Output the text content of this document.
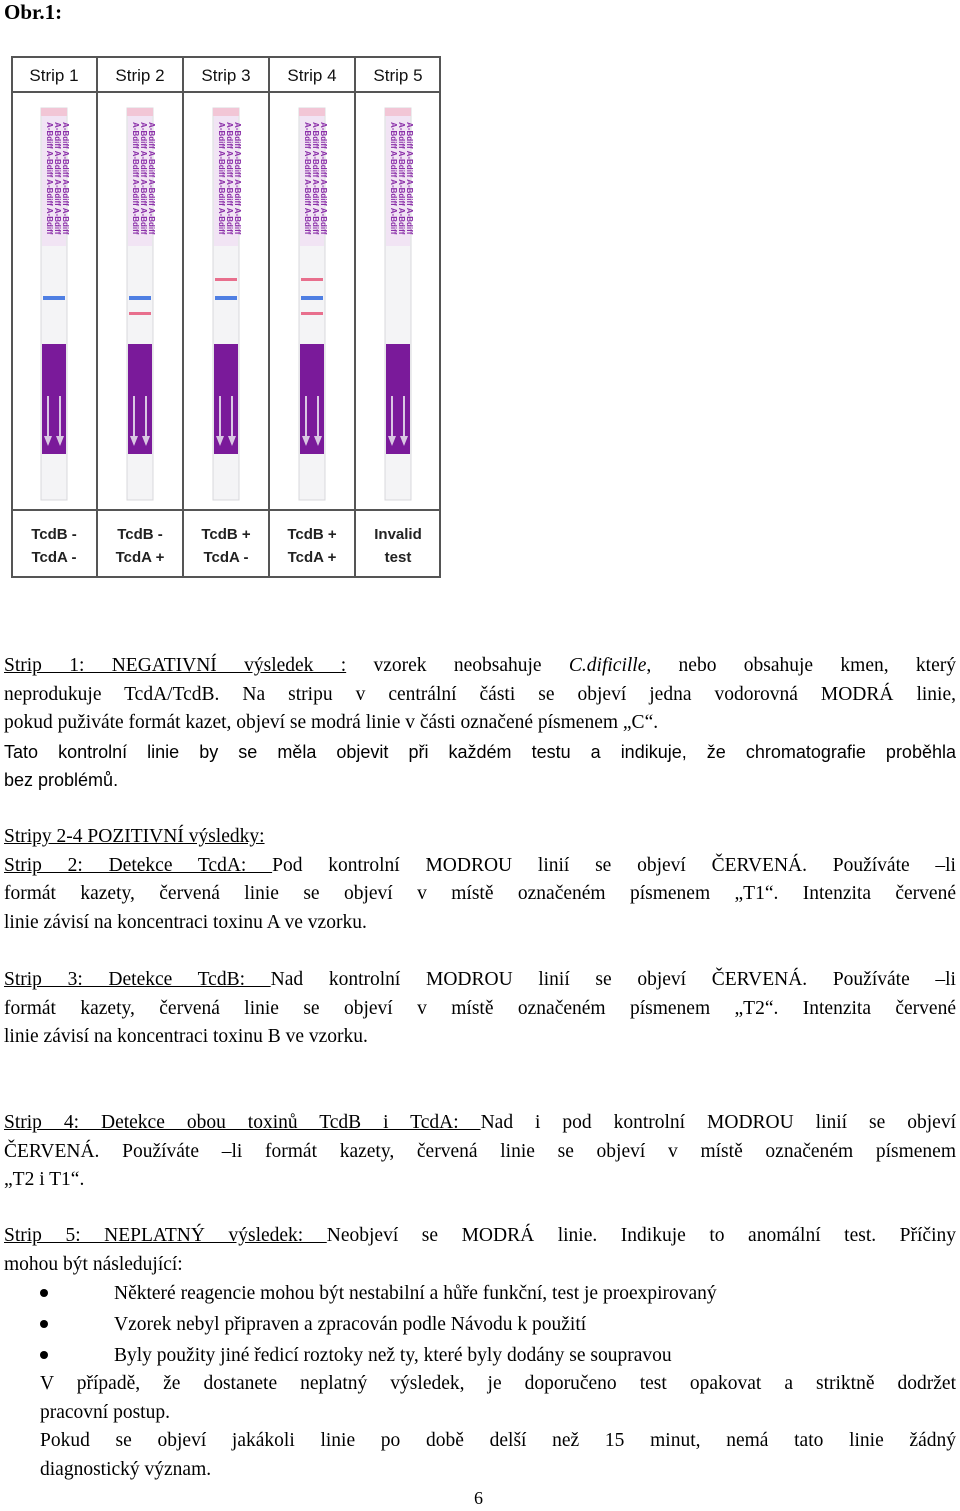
Obr.1:
Strip 1
A-Bdiff A-Bdiff A-Bdiff A-Bdiff A-Bdiff A-Bdiff A-Bdiff A-Bdiff A-Bdiff A-Bdiff A-Bdiff A-Bdiff
TcdB -
TcdA -
Strip 2
A-Bdiff A-Bdiff A-Bdiff A-Bdiff A-Bdiff A-Bdiff A-Bdiff A-Bdiff A-Bdiff A-Bdiff A-Bdiff A-Bdiff
TcdB -
TcdA +
Strip 3
A-Bdiff A-Bdiff A-Bdiff A-Bdiff A-Bdiff A-Bdiff A-Bdiff A-Bdiff A-Bdiff A-Bdiff A-Bdiff A-Bdiff
TcdB +
TcdA -
Strip 4
A-Bdiff A-Bdiff A-Bdiff A-Bdiff A-Bdiff A-Bdiff A-Bdiff A-Bdiff A-Bdiff A-Bdiff A-Bdiff A-Bdiff
TcdB +
TcdA +
Strip 5
A-Bdiff A-Bdiff A-Bdiff A-Bdiff A-Bdiff A-Bdiff A-Bdiff A-Bdiff A-Bdiff A-Bdiff A-Bdiff A-Bdiff
Invalid
test
Strip 1: NEGATIVNÍ výsledek : vzorek neobsahuje C.dificille, nebo obsahuje kmen, který
neprodukuje TcdA/TcdB. Na stripu v centrální části se objeví jedna vodorovná MODRÁ linie,
pokud puživáte formát kazet, objeví se modrá linie v části označené písmenem „C“.
Tato kontrolní linie by se měla objevit při každém testu a indikuje, že chromatografie proběhla
bez problémů.
Stripy 2-4 POZITIVNÍ výsledky:
Strip 2: Detekce TcdA: Pod kontrolní MODROU linií se objeví ČERVENÁ. Používáte –li
formát kazety, červená linie se objeví v místě označeném písmenem „T1“. Intenzita červené
linie závisí na koncentraci toxinu A ve vzorku.
Strip 3: Detekce TcdB: Nad kontrolní MODROU linií se objeví ČERVENÁ. Používáte –li
formát kazety, červená linie se objeví v místě označeném písmenem „T2“. Intenzita červené
linie závisí na koncentraci toxinu B ve vzorku.
Strip 4: Detekce obou toxinů TcdB i TcdA: Nad i pod kontrolní MODROU linií se objeví
ČERVENÁ. Používáte –li formát kazety, červená linie se objeví v místě označeném písmenem
„T2 i T1“.
Strip 5: NEPLATNÝ výsledek: Neobjeví se MODRÁ linie. Indikuje to anomální test. Příčiny
mohou být následující:
Některé reagencie mohou být nestabilní a hůře funkční, test je proexpirovaný
Vzorek nebyl připraven a zpracován podle Návodu k použití
Byly použity jiné ředicí roztoky než ty, které byly dodány se soupravou
V případě, že dostanete neplatný výsledek, je doporučeno test opakovat a striktně dodržet
pracovní postup.
Pokud se objeví jakákoli linie po době delší než 15 minut, nemá tato linie žádný
diagnostický význam.
6
